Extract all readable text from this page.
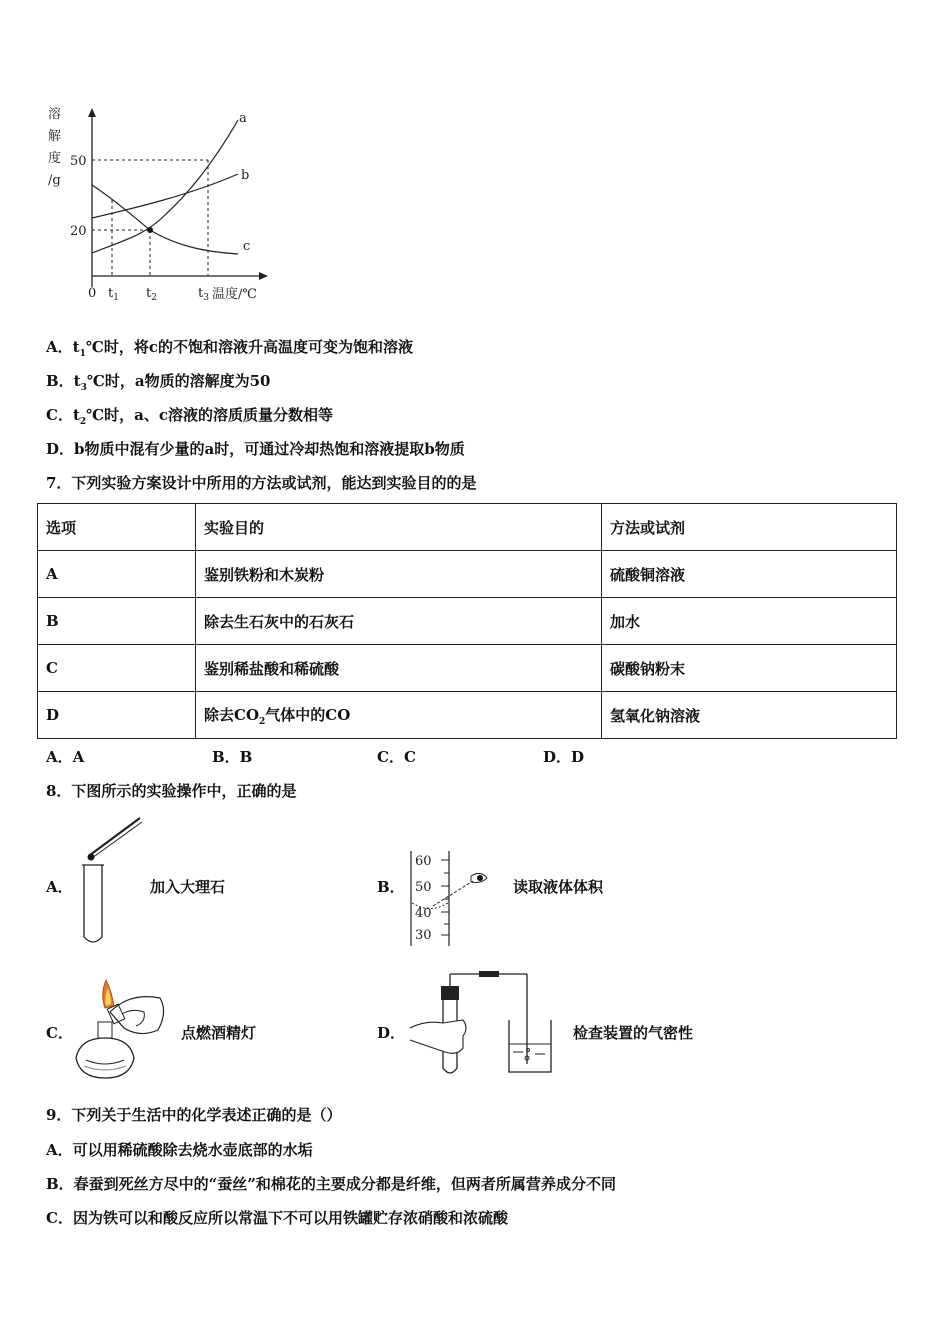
溶
解
度
/g
50
20
0 $t_1$ $t_2$	$t_3$ 温度/℃
a
b
c
A．$t_1℃$时，将c的不饱和溶液升高温度可变为饱和溶液
B．$t_3℃$时，a物质的溶解度为50
C．$t_2℃$时，a、c溶液的溶质质量分数相等
D．b物质中混有少量的a时，可通过冷却热饱和溶液提取b物质
7．下列实验方案设计中所用的方法或试剂，能达到实验目的的是
选项	实验目的	方法或试剂
A	鉴别铁粉和木炭粉	硫酸铜溶液
B	除去生石灰中的石灰石	加水
C	鉴别稀盐酸和稀硫酸	碳酸钠粉末
D	除去$CO_2$气体中的CO	氢氧化钠溶液
A．A	B．B	C．C	D．D
8．下图所示的实验操作中，正确的是
A．	加入大理石	B．
60
50
40
30
读取液体体积
C．	点燃酒精灯	D．	检查装置的气密性
9．下列关于生活中的化学表述正确的是（）
A．可以用稀硫酸除去烧水壶底部的水垢
B．春蚕到死丝方尽中的“蚕丝”和棉花的主要成分都是纤维，但两者所属营养成分不同
C．因为铁可以和酸反应所以常温下不可以用铁罐贮存浓硝酸和浓硫酸
